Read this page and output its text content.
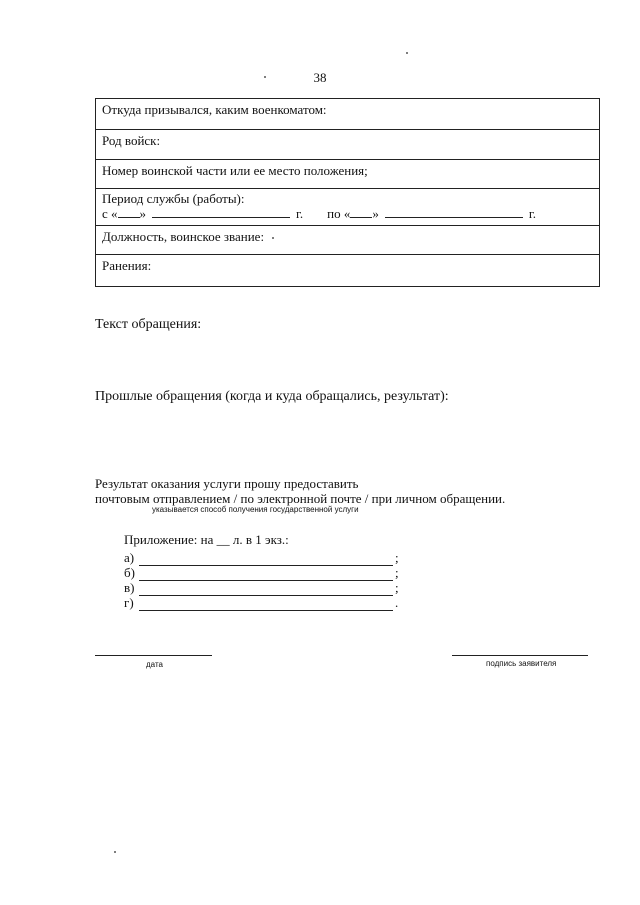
38
Откуда призывался, каким военкоматом:
Род войск:
Номер воинской части или ее место положения;
Период службы (работы):
с « »	г. по « »	г.
Должность, воинское звание:
Ранения:
Текст обращения:
Прошлые обращения (когда и куда обращались, результат):
Результат оказания услуги прошу предоставить
почтовым отправлением / по электронной почте / при личном обращении.
указывается способ получения государственной услуги
Приложение: на __ л. в 1 экз.:
а)	;
б)	;
в)	;
г)	.
дата	подпись заявителя
